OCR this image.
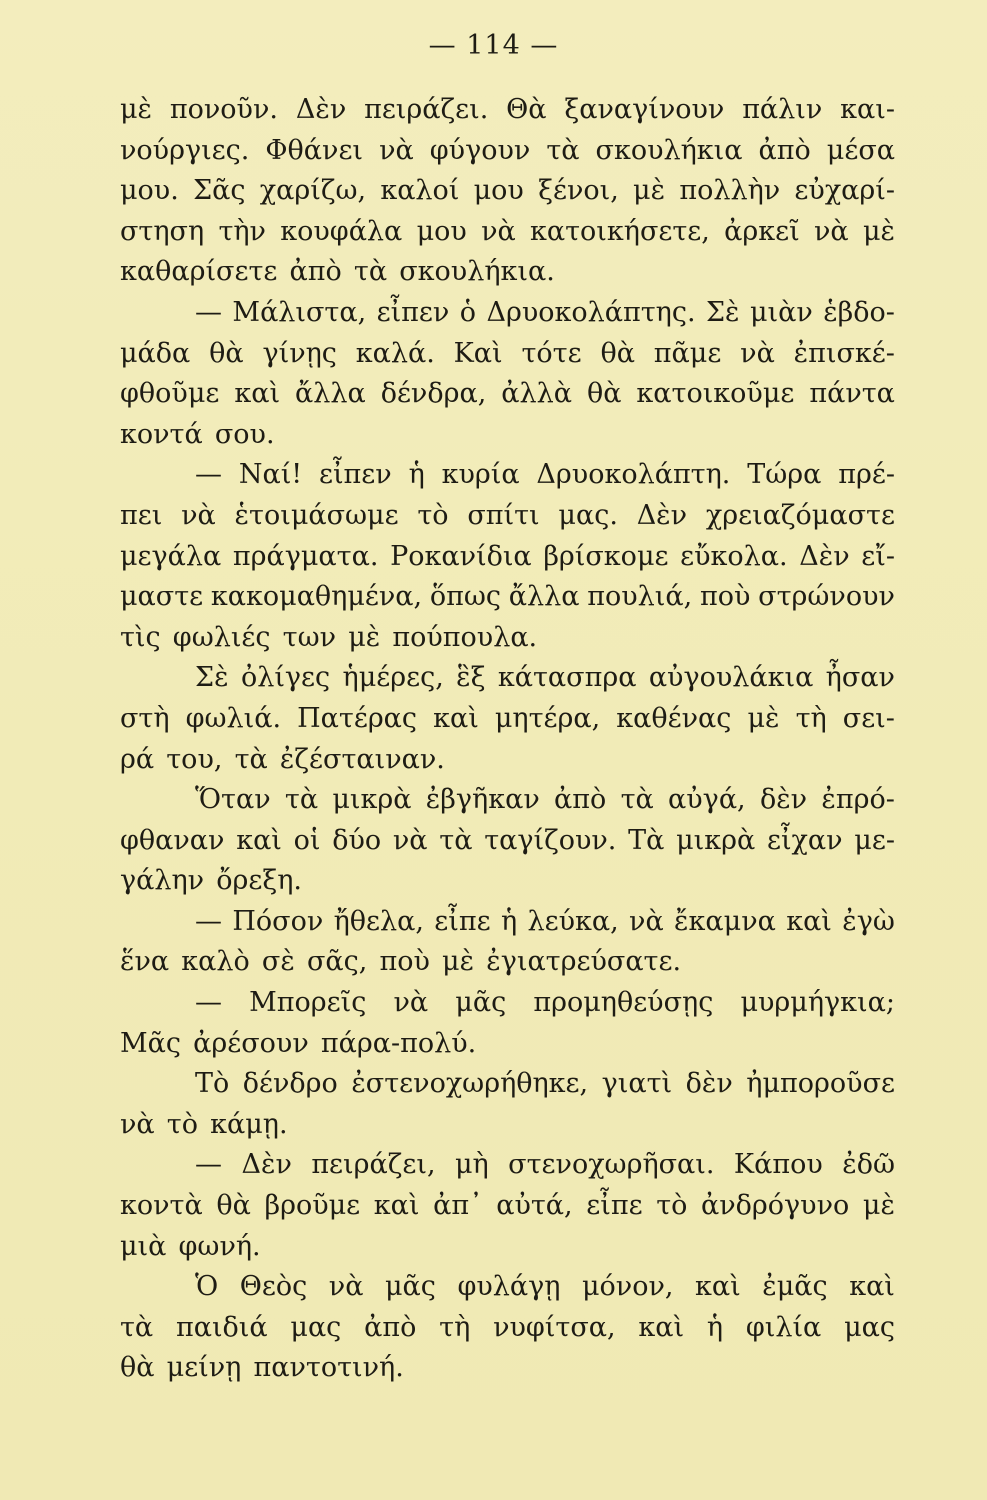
— 114 —
μὲ πονοῦν. Δὲν πειράζει. Θὰ ξαναγίνουν πάλιν και-
νούργιες. Φθάνει νὰ φύγουν τὰ σκουλήκια ἀπὸ μέσα
μου. Σᾶς χαρίζω, καλοί μου ξένοι, μὲ πολλὴν εὐχαρί-
στηση τὴν κουφάλα μου νὰ κατοικήσετε, ἀρκεῖ νὰ μὲ
καθαρίσετε ἀπὸ τὰ σκουλήκια.
— Μάλιστα, εἶπεν ὁ Δρυοκολάπτης. Σὲ μιὰν ἑβδο-
μάδα θὰ γίνῃς καλά. Καὶ τότε θὰ πᾶμε νὰ ἐπισκέ-
φθοῦμε καὶ ἄλλα δένδρα, ἀλλὰ θὰ κατοικοῦμε πάντα
κοντά σου.
— Ναί! εἶπεν ἡ κυρία Δρυοκολάπτη. Τώρα πρέ-
πει νὰ ἑτοιμάσωμε τὸ σπίτι μας. Δὲν χρειαζόμαστε
μεγάλα πράγματα. Ροκανίδια βρίσκομε εὔκολα. Δὲν εἴ-
μαστε κακομαθημένα, ὅπως ἄλλα πουλιά, ποὺ στρώνουν
τὶς φωλιές των μὲ πούπουλα.
Σὲ ὀλίγες ἡμέρες, ἓξ κάτασπρα αὐγουλάκια ἦσαν
στὴ φωλιά. Πατέρας καὶ μητέρα, καθένας μὲ τὴ σει-
ρά του, τὰ ἐζέσταιναν.
Ὅταν τὰ μικρὰ ἐβγῆκαν ἀπὸ τὰ αὐγά, δὲν ἐπρό-
φθαναν καὶ οἱ δύο νὰ τὰ ταγίζουν. Τὰ μικρὰ εἶχαν με-
γάλην ὄρεξη.
— Πόσον ἤθελα, εἶπε ἡ λεύκα, νὰ ἔκαμνα καὶ ἐγὼ
ἕνα καλὸ σὲ σᾶς, ποὺ μὲ ἐγιατρεύσατε.
— Μπορεῖς νὰ μᾶς προμηθεύσῃς μυρμήγκια;
Μᾶς ἀρέσουν πάρα-πολύ.
Τὸ δένδρο ἐστενοχωρήθηκε, γιατὶ δὲν ἠμποροῦσε
νὰ τὸ κάμῃ.
— Δὲν πειράζει, μὴ στενοχωρῆσαι. Κάπου ἐδῶ
κοντὰ θὰ βροῦμε καὶ ἀπ᾿ αὐτά, εἶπε τὸ ἀνδρόγυνο μὲ
μιὰ φωνή.
Ὁ Θεὸς νὰ μᾶς φυλάγῃ μόνον, καὶ ἐμᾶς καὶ
τὰ παιδιά μας ἀπὸ τὴ νυφίτσα, καὶ ἡ φιλία μας
θὰ μείνῃ παντοτινή.
